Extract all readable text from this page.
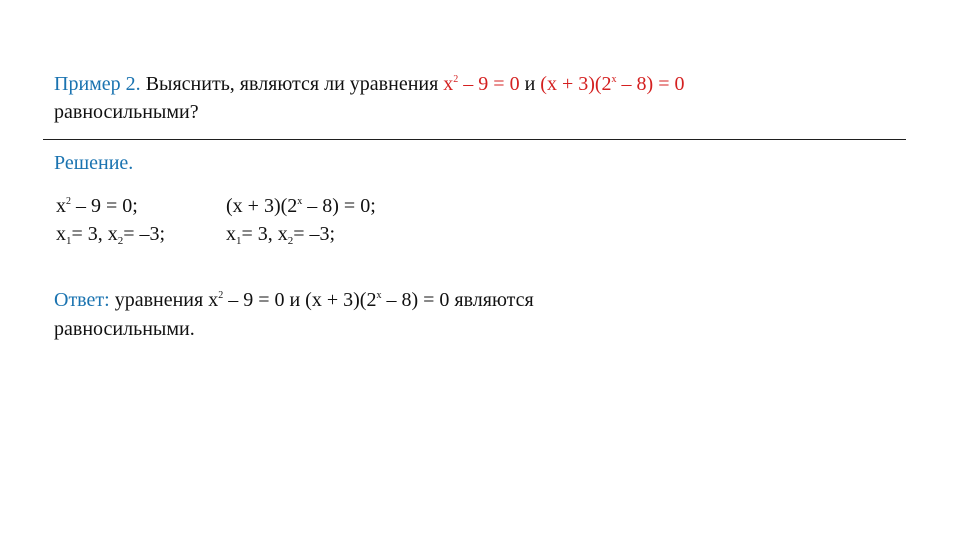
Пример 2. Выяснить, являются ли уравнения $x^2 - 9 = 0$ и $(x + 3)(2^x - 8) = 0$
равносильными?
Решение.
$x^2 - 9 = 0$;
$x_1= 3$, $x_2= -3$;
$(x + 3)(2^x - 8) = 0$;
$x_1= 3$, $x_2= -3$;
Ответ: уравнения $x^2 - 9 = 0$ и $(x + 3)(2^x - 8) = 0$ являются
равносильными.
